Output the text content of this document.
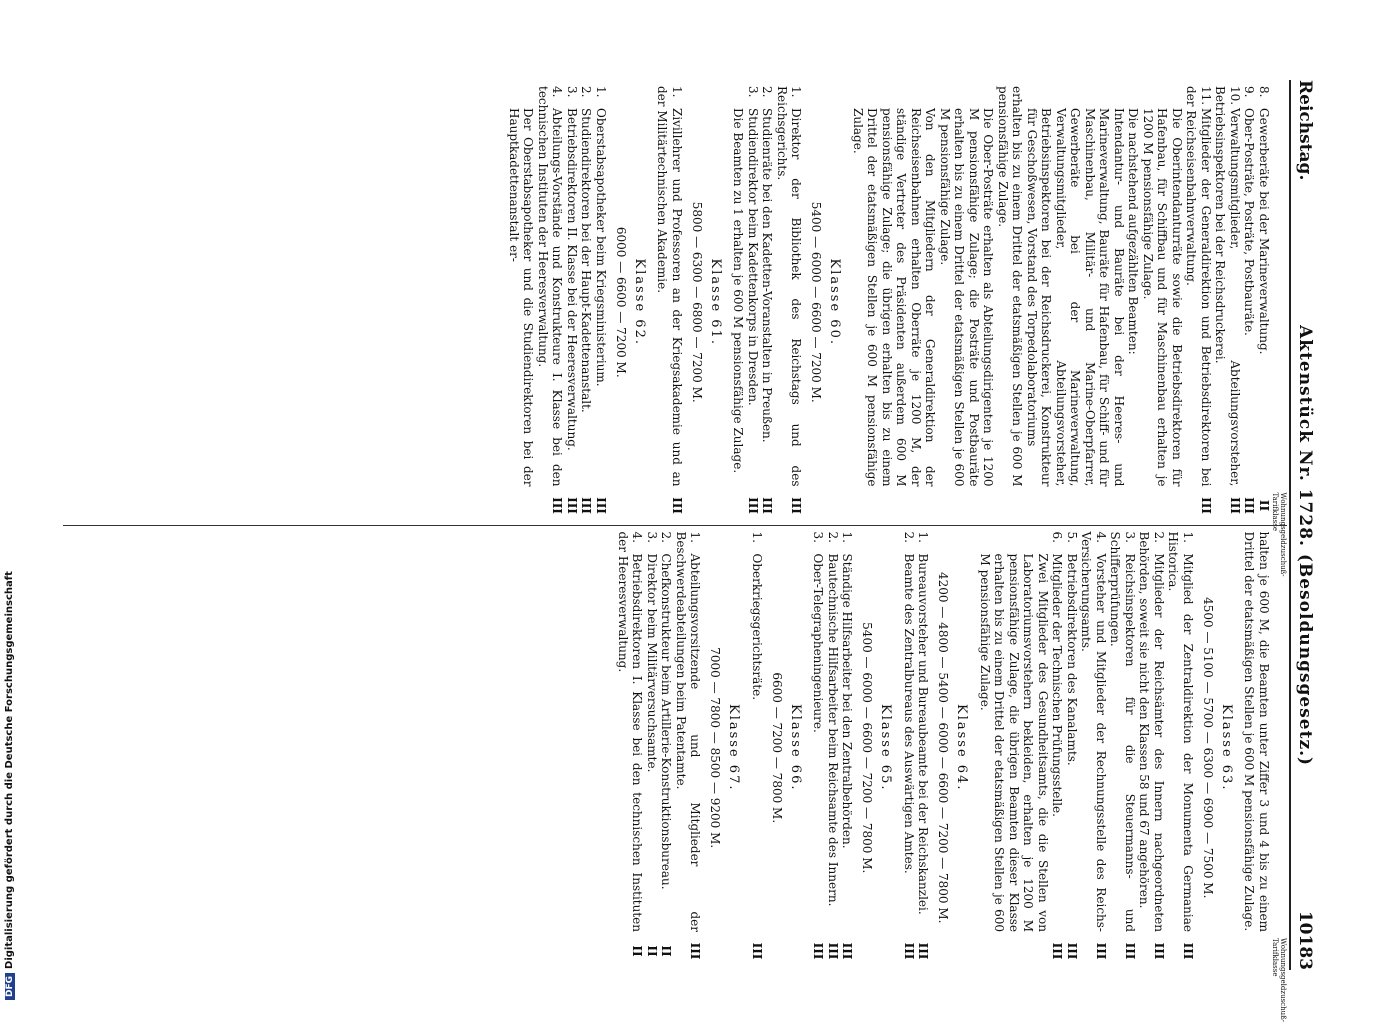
Reichstag.
Aktenstück Nr. 1728. (Besoldungsgesetz.)
10183
Wohnungsgeldzuschuß-Tarifklasse
8.Gewerberäte bei der Marineverwaltung.
II
9.Ober-Posträte, Posträte, Postbauräte.
III
10.Verwaltungsmitglieder, Abteilungsvorsteher, Betriebsinspektoren bei der Reichsdruckerei.
III
11.Mitglieder der Generaldirektion und Betriebsdirektoren bei der Reichseisenbahnverwaltung.
III
Die Oberintendanturräte sowie die Betriebsdirektoren für Hafenbau, für Schiffbau und für Maschinenbau erhalten je 1200 M pensionsfähige Zulage.
Die nachstehend aufgezählten Beamten:
Intendantur- und Bauräte bei der Heeres- und Marineverwaltung, Bauräte für Hafenbau, für Schiff- und für Maschinenbau, Militär- und Marine-Oberpfarrer, Gewerberäte bei der Marineverwaltung, Verwaltungsmitglieder, Abteilungsvorsteher, Betriebsinspektoren bei der Reichsdruckerei, Konstrukteur für Geschoßwesen, Vorstand des Torpedolaboratoriums
erhalten bis zu einem Drittel der etatsmäßigen Stellen je 600 M pensionsfähige Zulage.
Die Ober-Posträte erhalten als Abteilungsdirigenten je 1200 M pensionsfähige Zulage; die Posträte und Postbauräte erhalten bis zu einem Drittel der etatsmäßigen Stellen je 600 M pensionsfähige Zulage.
Von den Mitgliedern der Generaldirektion der Reichseisenbahnen erhalten Oberräte je 1200 M, der ständige Vertreter des Präsidenten außerdem 600 M pensionsfähige Zulage; die übrigen erhalten bis zu einem Drittel der etatsmäßigen Stellen je 600 M pensionsfähige Zulage.
Klasse 60.
5400 — 6000 — 6600 — 7200 M.
1.Direktor der Bibliothek des Reichstags und des Reichsgerichts.
III
2.Studienräte bei den Kadetten-Voranstalten in Preußen.
III
3.Studiendirektor beim Kadettenkorps in Dresden.
III
Die Beamten zu 1 erhalten je 600 M pensionsfähige Zulage.
Klasse 61.
5800 — 6300 — 6800 — 7200 M.
1.Zivillehrer und Professoren an der Kriegsakademie und an der Militärtechnischen Akademie.
III
Klasse 62.
6000 — 6600 — 7200 M.
1.Oberstabsapotheker beim Kriegsministerium.
III
2.Studiendirektoren bei der Haupt-Kadettenanstalt.
III
3.Betriebsdirektoren II. Klasse bei der Heeresverwaltung.
III
4.Abteilungs-Vorstände und Konstrukteure I. Klasse bei den technischen Instituten der Heeresverwaltung.
III
Der Oberstabsapotheker und die Studiendirektoren bei der Hauptkadettenanstalt er-
Wohnungsgeldzuschuß-Tarifklasse
halten je 600 M, die Beamten unter Ziffer 3 und 4 bis zu einem Drittel der etatsmäßigen Stellen je 600 M pensionsfähige Zulage.
Klasse 63.
4500 — 5100 — 5700 — 6300 — 6900 — 7500 M.
1.Mitglied der Zentraldirektion der Monumenta Germaniae Historica.
III
2.Mitglieder der Reichsämter des Innern nachgeordneten Behörden, soweit sie nicht den Klassen 58 und 67 angehören.
III
3.Reichsinspektoren für die Steuermanns- und Schifferprüfungen.
III
4.Vorsteher und Mitglieder der Rechnungsstelle des Reichs-Versicherungsamts.
III
5.Betriebsdirektoren des Kanalamts.
III
6.Mitglieder der Technischen Prüfungsstelle.
III
Zwei Mitglieder des Gesundheitsamts, die die Stellen von Laboratoriumsvorstehern bekleiden, erhalten je 1200 M pensionsfähige Zulage, die übrigen Beamten dieser Klasse erhalten bis zu einem Drittel der etatsmäßigen Stellen je 600 M pensionsfähige Zulage.
Klasse 64.
4200 — 4800 — 5400 — 6000 — 6600 — 7200 — 7800 M.
1.Bureauvorsteher und Bureaubeamte bei der Reichskanzlei.
III
2.Beamte des Zentralbureaus des Auswärtigen Amtes.
III
Klasse 65.
5400 — 6000 — 6600 — 7200 — 7800 M.
1.Ständige Hilfsarbeiter bei den Zentralbehörden.
III
2.Bautechnische Hilfsarbeiter beim Reichsamte des Innern.
III
3.Ober-Telegrapheningenieure.
III
Klasse 66.
6600 — 7200 — 7800 M.
1.Oberkriegsgerichtsräte.
III
Klasse 67.
7000 — 7800 — 8500 — 9200 M.
1.Abteilungsvorsitzende und Mitglieder der Beschwerdeabteilungen beim Patentamte.
III
2.Chefkonstrukteur beim Artillerie-Konstruktionsbureau.
II
3.Direktor beim Militärversuchsamte.
II
4.Betriebsdirektoren I. Klasse bei den technischen Instituten der Heeresverwaltung.
II
DFGDigitalisierung gefördert durch die Deutsche Forschungsgemeinschaft
